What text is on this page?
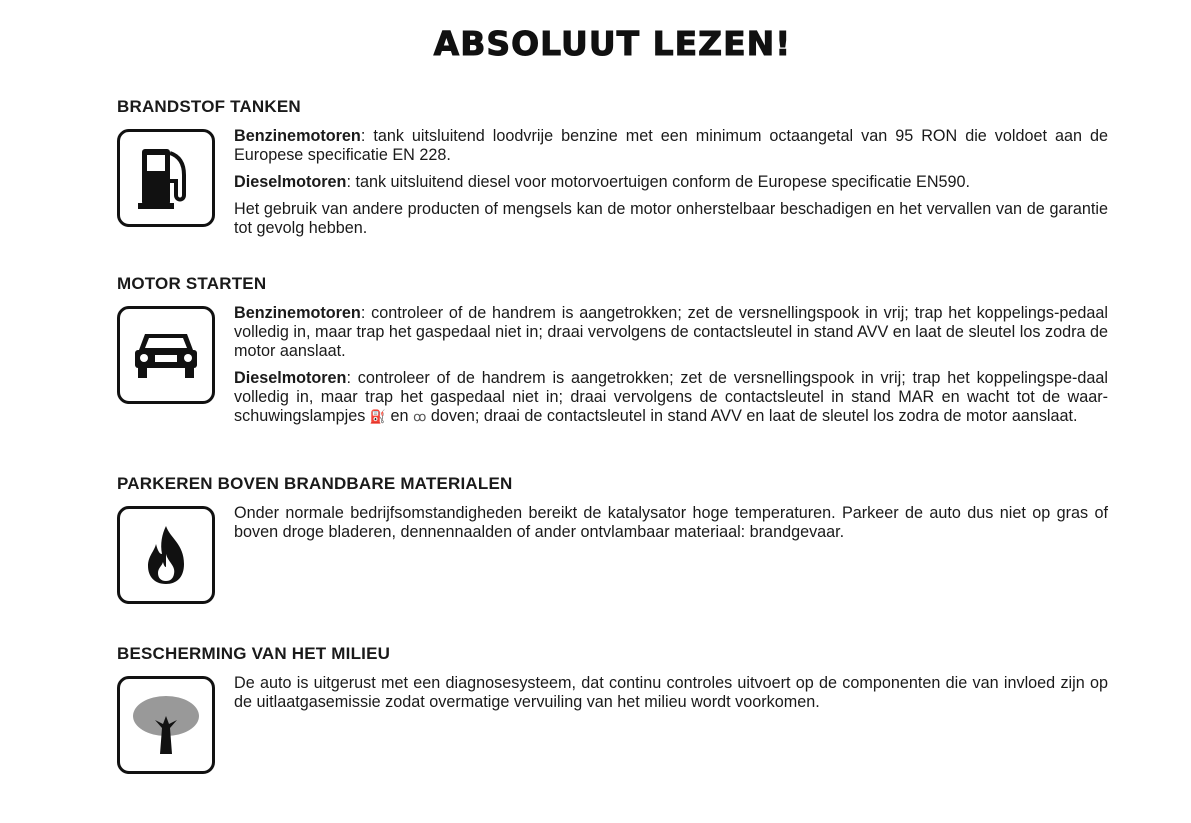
ABSOLUUT LEZEN!
BRANDSTOF TANKEN

Benzinemotoren: tank uitsluitend loodvrije benzine met een minimum octaangetal van 95 RON die voldoet aan de Europese specificatie EN 228.

Dieselmotoren: tank uitsluitend diesel voor motorvoertuigen conform de Europese specificatie EN590.

Het gebruik van andere producten of mengsels kan de motor onherstelbaar beschadigen en het vervallen van de garantie tot gevolg hebben.

MOTOR STARTEN

Benzinemotoren: controleer of de handrem is aangetrokken; zet de versnellingspook in vrij; trap het koppelings-pedaal volledig in, maar trap het gaspedaal niet in; draai vervolgens de contactsleutel in stand AVV en laat de sleutel los zodra de motor aanslaat.

Dieselmotoren: controleer of de handrem is aangetrokken; zet de versnellingspook in vrij; trap het koppelingspe-daal volledig in, maar trap het gaspedaal niet in; draai vervolgens de contactsleutel in stand MAR en wacht tot de waar-schuwingslampjes ⛽ en ꝏ doven; draai de contactsleutel in stand AVV en laat de sleutel los zodra de motor aanslaat.

PARKEREN BOVEN BRANDBARE MATERIALEN

Onder normale bedrijfsomstandigheden bereikt de katalysator hoge temperaturen. Parkeer de auto dus niet op gras of boven droge bladeren, dennennaalden of ander ontvlambaar materiaal: brandgevaar.

BESCHERMING VAN HET MILIEU

De auto is uitgerust met een diagnosesysteem, dat continu controles uitvoert op de componenten die van invloed zijn op de uitlaatgasemissie zodat overmatige vervuiling van het milieu wordt voorkomen.
